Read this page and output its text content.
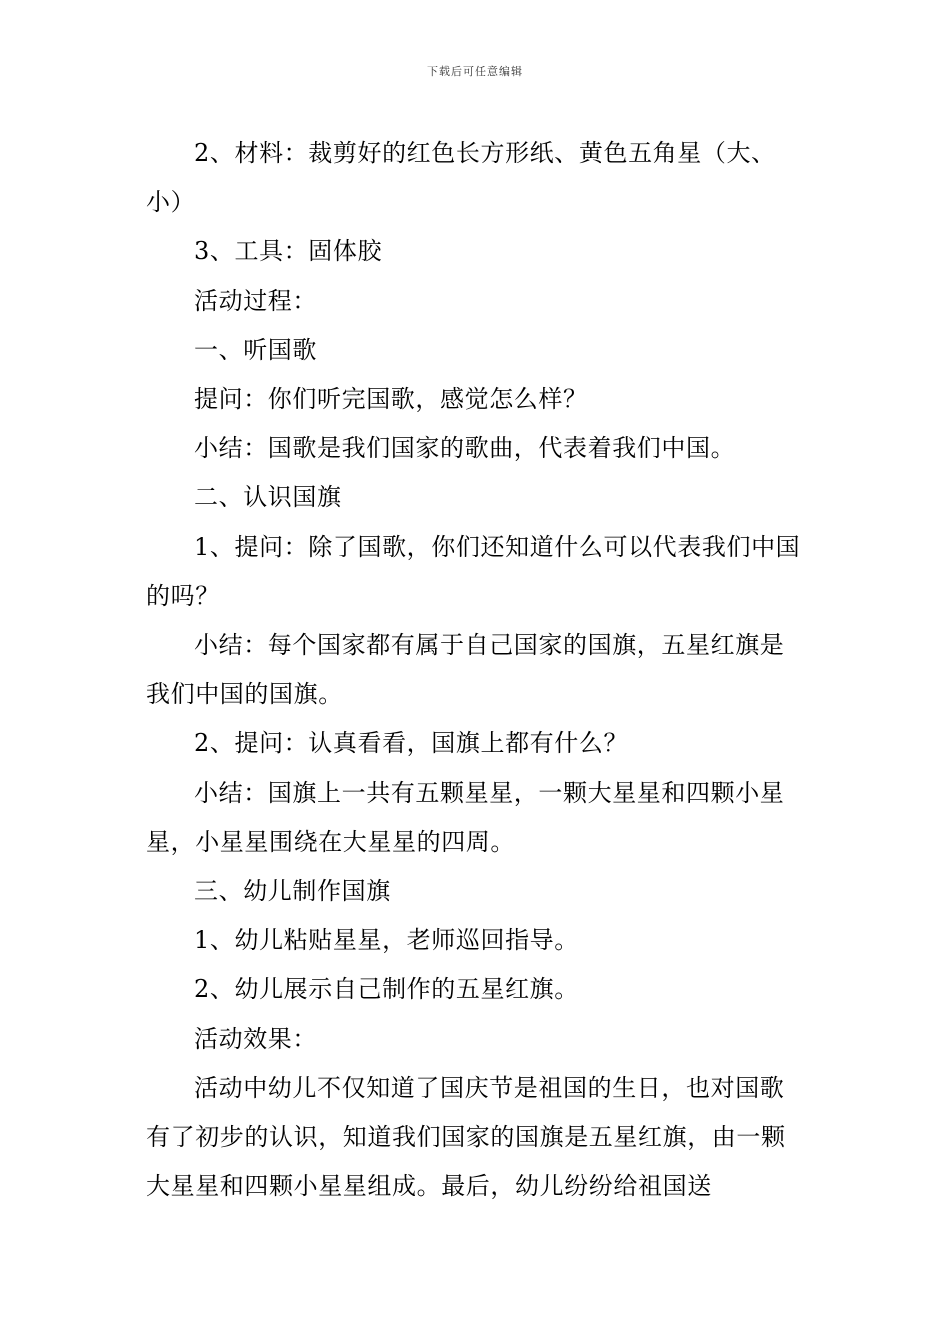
下载后可任意编辑

2、材料：裁剪好的红色长方形纸、黄色五角星（大、小）

3、工具：固体胶

活动过程：

一、听国歌

提问：你们听完国歌，感觉怎么样？

小结：国歌是我们国家的歌曲，代表着我们中国。

二、认识国旗

1、提问：除了国歌，你们还知道什么可以代表我们中国的吗？

小结：每个国家都有属于自己国家的国旗，五星红旗是我们中国的国旗。

2、提问：认真看看，国旗上都有什么？

小结：国旗上一共有五颗星星，一颗大星星和四颗小星星，小星星围绕在大星星的四周。

三、幼儿制作国旗

1、幼儿粘贴星星，老师巡回指导。

2、幼儿展示自己制作的五星红旗。

活动效果：

活动中幼儿不仅知道了国庆节是祖国的生日，也对国歌有了初步的认识，知道我们国家的国旗是五星红旗，由一颗大星星和四颗小星星组成。最后，幼儿纷纷给祖国送
